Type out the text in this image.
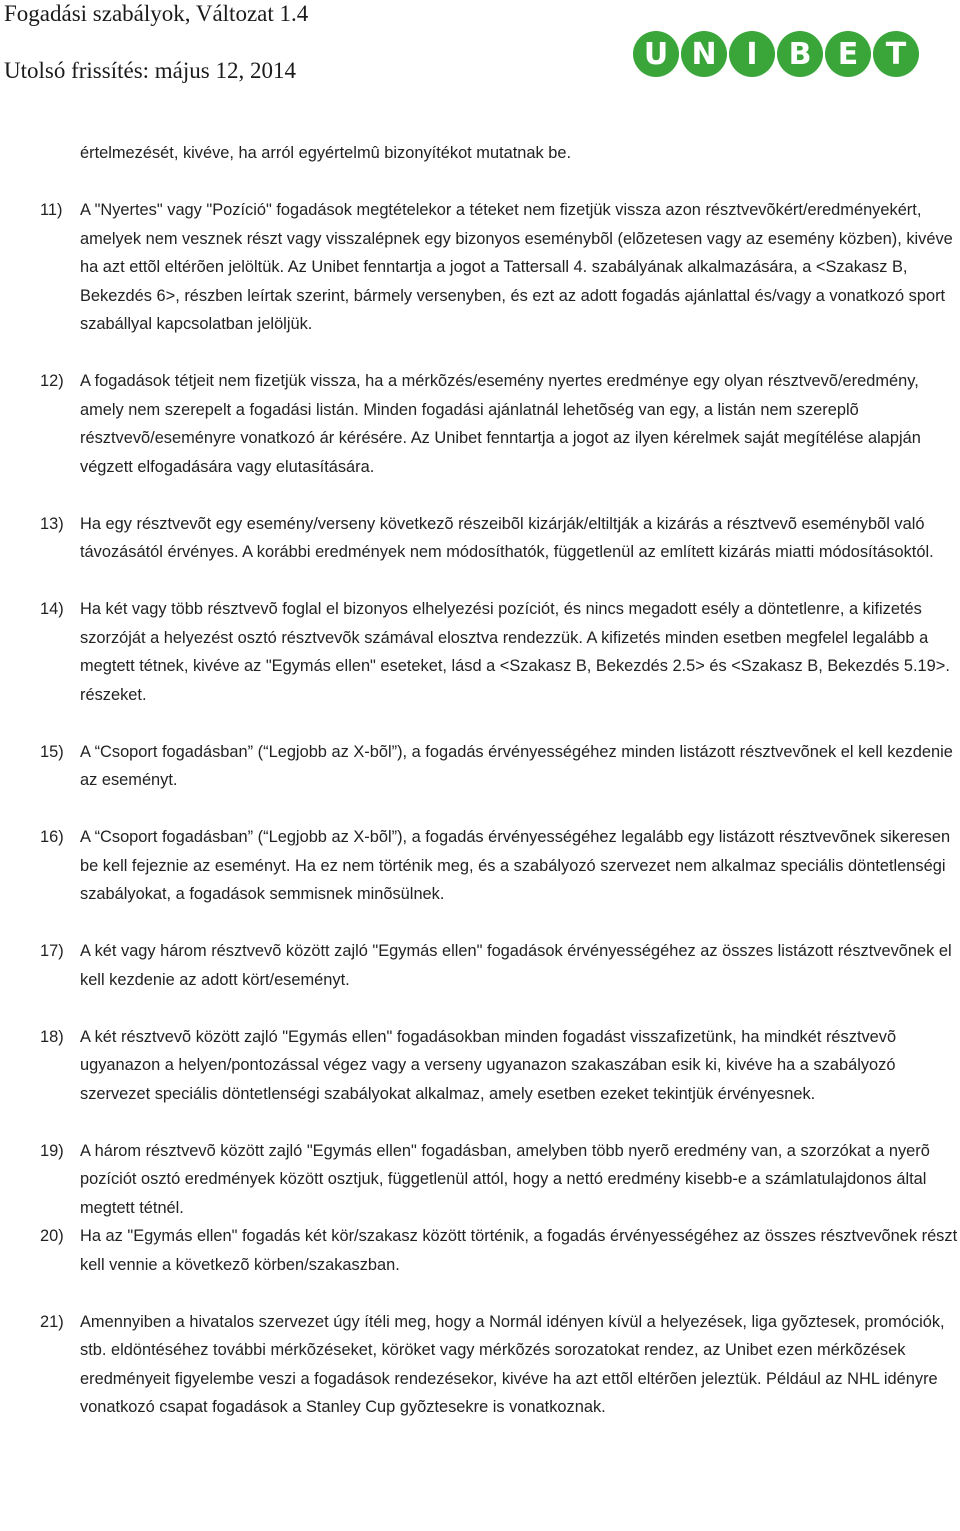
Fogadási szabályok, Változat 1.4
Utolsó frissítés: május 12, 2014	U N I B E T

értelmezését, kivéve, ha arról egyértelmû bizonyítékot mutatnak be.

11)	A "Nyertes" vagy "Pozíció" fogadások megtételekor a téteket nem fizetjük vissza azon résztvevõkért/eredményekért, amelyek nem vesznek részt vagy visszalépnek egy bizonyos eseménybõl (elõzetesen vagy az esemény közben), kivéve ha azt ettõl eltérõen jelöltük. Az Unibet fenntartja a jogot a Tattersall 4. szabályának alkalmazására, a <Szakasz B, Bekezdés 6>, részben leírtak szerint, bármely versenyben, és ezt az adott fogadás ajánlattal és/vagy a vonatkozó sport szabállyal kapcsolatban jelöljük.
12) A fogadások tétjeit nem fizetjük vissza, ha a mérkõzés/esemény nyertes eredménye egy olyan résztvevõ/eredmény, amely nem szerepelt a fogadási listán. Minden fogadási ajánlatnál lehetõség van egy, a listán nem szereplõ résztvevõ/eseményre vonatkozó ár kérésére. Az Unibet fenntartja a jogot az ilyen kérelmek saját megítélése alapján végzett elfogadására vagy elutasítására.
13) Ha egy résztvevõt egy esemény/verseny következõ részeibõl kizárják/eltiltják a kizárás a résztvevõ eseménybõl való távozásától érvényes. A korábbi eredmények nem módosíthatók, függetlenül az említett kizárás miatti módosításoktól.
14) Ha két vagy több résztvevõ foglal el bizonyos elhelyezési pozíciót, és nincs megadott esély a döntetlenre, a kifizetés szorzóját a helyezést osztó résztvevõk számával elosztva rendezzük. A kifizetés minden esetben megfelel legalább a megtett tétnek, kivéve az "Egymás ellen" eseteket, lásd a <Szakasz B, Bekezdés 2.5> és <Szakasz B, Bekezdés 5.19>. részeket.
15) A “Csoport fogadásban” (“Legjobb az X-bõl”), a fogadás érvényességéhez minden listázott résztvevõnek el kell kezdenie az eseményt.
16) A “Csoport fogadásban” (“Legjobb az X-bõl”), a fogadás érvényességéhez legalább egy listázott résztvevõnek sikeresen be kell fejeznie az eseményt. Ha ez nem történik meg, és a szabályozó szervezet nem alkalmaz speciális döntetlenségi szabályokat, a fogadások semmisnek minõsülnek.
17) A két vagy három résztvevõ között zajló "Egymás ellen" fogadások érvényességéhez az összes listázott résztvevõnek el kell kezdenie az adott kört/eseményt.
18) A két résztvevõ között zajló "Egymás ellen" fogadásokban minden fogadást visszafizetünk, ha mindkét résztvevõ ugyanazon a helyen/pontozással végez vagy a verseny ugyanazon szakaszában esik ki, kivéve ha a szabályozó szervezet speciális döntetlenségi szabályokat alkalmaz, amely esetben ezeket tekintjük érvényesnek.
19) A három résztvevõ között zajló "Egymás ellen" fogadásban, amelyben több nyerõ eredmény van, a szorzókat a nyerõ pozíciót osztó eredmények között osztjuk, függetlenül attól, hogy a nettó eredmény kisebb-e a számlatulajdonos által megtett tétnél.
20) Ha az "Egymás ellen" fogadás két kör/szakasz között történik, a fogadás érvényességéhez az összes résztvevõnek részt kell vennie a következõ körben/szakaszban.
21) Amennyiben a hivatalos szervezet úgy ítéli meg, hogy a Normál idényen kívül a helyezések, liga gyõztesek, promóciók, stb. eldöntéséhez további mérkõzéseket, köröket vagy mérkõzés sorozatokat rendez, az Unibet ezen mérkõzések eredményeit figyelembe veszi a fogadások rendezésekor, kivéve ha azt ettõl eltérõen jeleztük. Például az NHL idényre vonatkozó csapat fogadások a Stanley Cup gyõztesekre is vonatkoznak.
